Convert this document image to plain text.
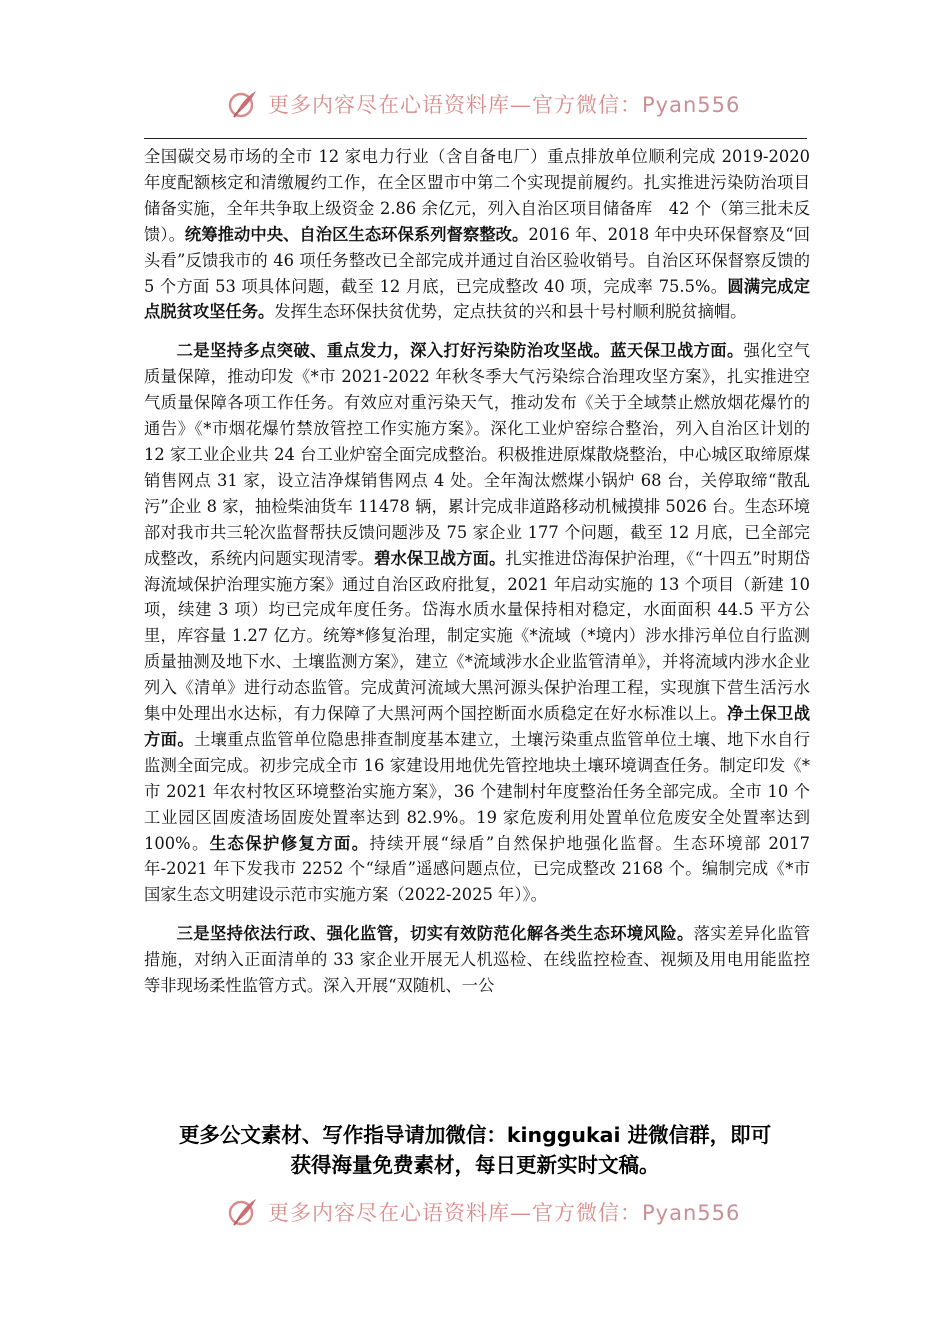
更多内容尽在心语资料库—官方微信：Pyan556

全国碳交易市场的全市 12 家电力行业（含自备电厂）重点排放单位顺利完成 2019-2020 年度配额核定和清缴履约工作，在全区盟市中第二个实现提前履约。扎实推进污染防治项目储备实施，全年共争取上级资金 2.86 余亿元，列入自治区项目储备库　42 个（第三批未反馈）。统筹推动中央、自治区生态环保系列督察整改。2016 年、2018 年中央环保督察及“回头看”反馈我市的 46 项任务整改已全部完成并通过自治区验收销号。自治区环保督察反馈的 5 个方面 53 项具体问题，截至 12 月底，已完成整改 40 项，完成率 75.5%。圆满完成定点脱贫攻坚任务。发挥生态环保扶贫优势，定点扶贫的兴和县十号村顺利脱贫摘帽。

二是坚持多点突破、重点发力，深入打好污染防治攻坚战。蓝天保卫战方面。强化空气质量保障，推动印发《*市 2021-2022 年秋冬季大气污染综合治理攻坚方案》，扎实推进空气质量保障各项工作任务。有效应对重污染天气，推动发布《关于全域禁止燃放烟花爆竹的通告》《*市烟花爆竹禁放管控工作实施方案》。深化工业炉窑综合整治，列入自治区计划的 12 家工业企业共 24 台工业炉窑全面完成整治。积极推进原煤散烧整治，中心城区取缔原煤销售网点 31 家，设立洁净煤销售网点 4 处。全年淘汰燃煤小锅炉 68 台，关停取缔“散乱污”企业 8 家，抽检柴油货车 11478 辆，累计完成非道路移动机械摸排 5026 台。生态环境部对我市共三轮次监督帮扶反馈问题涉及 75 家企业 177 个问题，截至 12 月底，已全部完成整改，系统内问题实现清零。碧水保卫战方面。扎实推进岱海保护治理，《“十四五”时期岱海流域保护治理实施方案》通过自治区政府批复，2021 年启动实施的 13 个项目（新建 10 项，续建 3 项）均已完成年度任务。岱海水质水量保持相对稳定，水面面积 44.5 平方公里，库容量 1.27 亿方。统筹*修复治理，制定实施《*流域（*境内）涉水排污单位自行监测质量抽测及地下水、土壤监测方案》，建立《*流域涉水企业监管清单》，并将流域内涉水企业列入《清单》进行动态监管。完成黄河流域大黑河源头保护治理工程，实现旗下营生活污水集中处理出水达标，有力保障了大黑河两个国控断面水质稳定在好水标准以上。净土保卫战方面。土壤重点监管单位隐患排查制度基本建立，土壤污染重点监管单位土壤、地下水自行监测全面完成。初步完成全市 16 家建设用地优先管控地块土壤环境调查任务。制定印发《*市 2021 年农村牧区环境整治实施方案》，36 个建制村年度整治任务全部完成。全市 10 个工业园区固废渣场固废处置率达到 82.9%。19 家危废利用处置单位危废安全处置率达到 100%。生态保护修复方面。持续开展“绿盾”自然保护地强化监督。生态环境部 2017 年-2021 年下发我市 2252 个“绿盾”遥感问题点位，已完成整改 2168 个。编制完成《*市国家生态文明建设示范市实施方案（2022-2025 年）》。

三是坚持依法行政、强化监管，切实有效防范化解各类生态环境风险。落实差异化监管措施，对纳入正面清单的 33 家企业开展无人机巡检、在线监控检查、视频及用电用能监控等非现场柔性监管方式。深入开展“双随机、一公

更多公文素材、写作指导请加微信：kinggukai 进微信群，即可
获得海量免费素材，每日更新实时文稿。
更多内容尽在心语资料库—官方微信：Pyan556
